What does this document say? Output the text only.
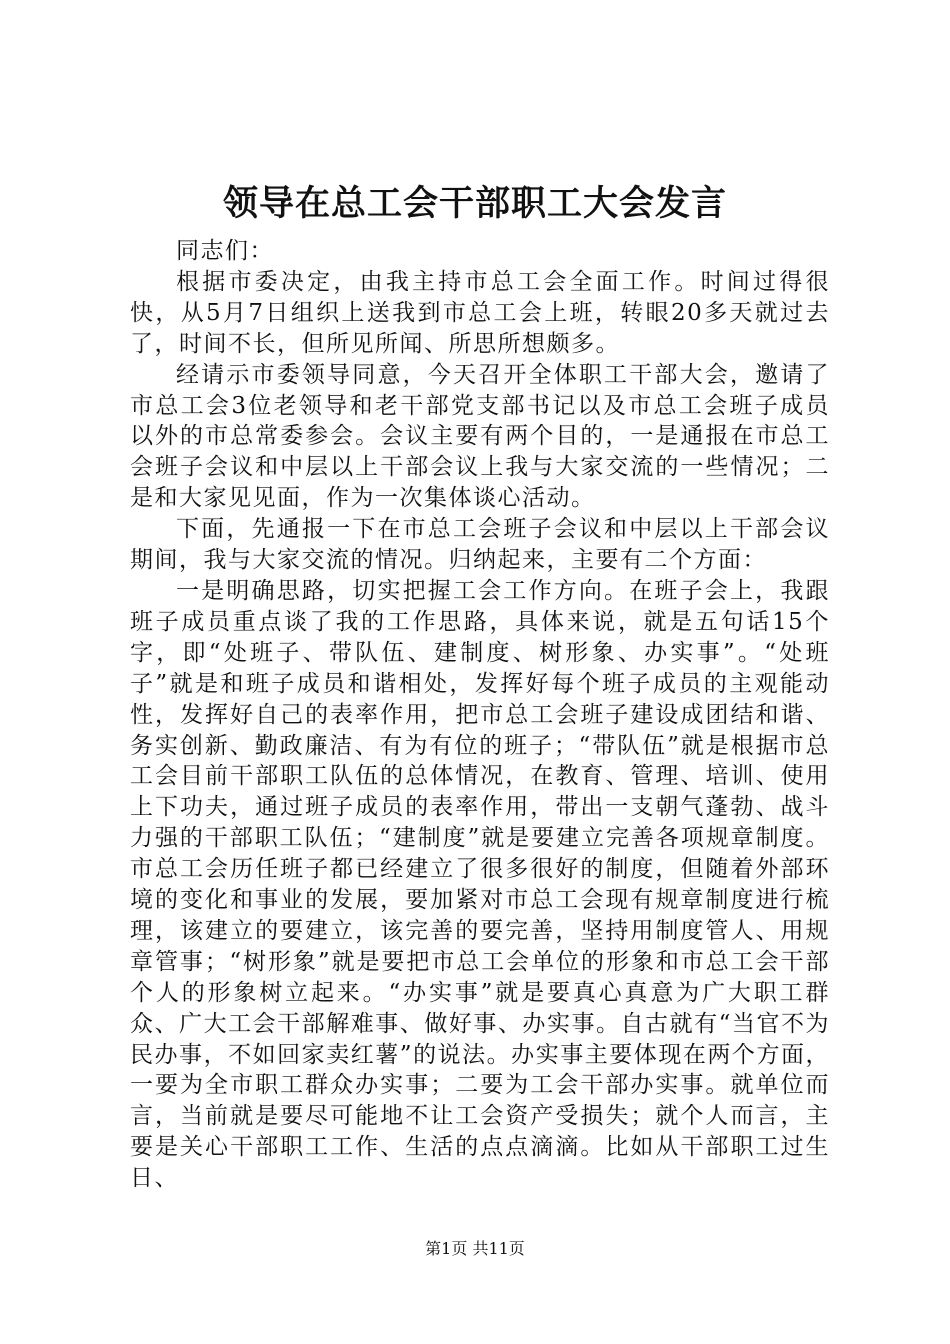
领导在总工会干部职工大会发言

同志们：

根据市委决定，由我主持市总工会全面工作。时间过得很快，从5月7日组织上送我到市总工会上班，转眼20多天就过去了，时间不长，但所见所闻、所思所想颇多。

经请示市委领导同意，今天召开全体职工干部大会，邀请了市总工会3位老领导和老干部党支部书记以及市总工会班子成员以外的市总常委参会。会议主要有两个目的，一是通报在市总工会班子会议和中层以上干部会议上我与大家交流的一些情况；二是和大家见见面，作为一次集体谈心活动。

下面，先通报一下在市总工会班子会议和中层以上干部会议期间，我与大家交流的情况。归纳起来，主要有二个方面：

一是明确思路，切实把握工会工作方向。在班子会上，我跟班子成员重点谈了我的工作思路，具体来说，就是五句话15个字，即“处班子、带队伍、建制度、树形象、办实事”。“处班子”就是和班子成员和谐相处，发挥好每个班子成员的主观能动性，发挥好自己的表率作用，把市总工会班子建设成团结和谐、务实创新、勤政廉洁、有为有位的班子；“带队伍”就是根据市总工会目前干部职工队伍的总体情况，在教育、管理、培训、使用上下功夫，通过班子成员的表率作用，带出一支朝气蓬勃、战斗力强的干部职工队伍；“建制度”就是要建立完善各项规章制度。市总工会历任班子都已经建立了很多很好的制度，但随着外部环境的变化和事业的发展，要加紧对市总工会现有规章制度进行梳理，该建立的要建立，该完善的要完善，坚持用制度管人、用规章管事；“树形象”就是要把市总工会单位的形象和市总工会干部个人的形象树立起来。“办实事”就是要真心真意为广大职工群众、广大工会干部解难事、做好事、办实事。自古就有“当官不为民办事，不如回家卖红薯”的说法。办实事主要体现在两个方面，一要为全市职工群众办实事；二要为工会干部办实事。就单位而言，当前就是要尽可能地不让工会资产受损失；就个人而言，主要是关心干部职工工作、生活的点点滴滴。比如从干部职工过生日、

第1页 共11页
